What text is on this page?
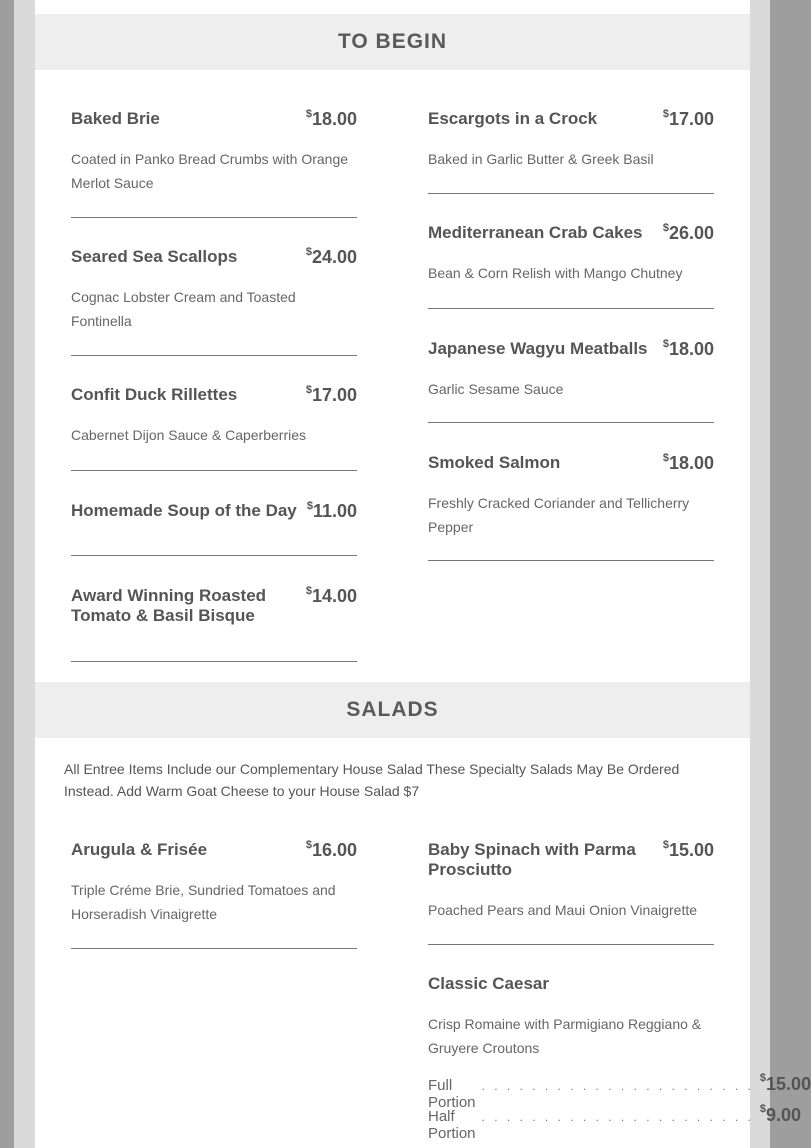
TO BEGIN
Baked Brie	$18.00
Coated in Panko Bread Crumbs with Orange Merlot Sauce
Seared Sea Scallops	$24.00
Cognac Lobster Cream and Toasted Fontinella
Confit Duck Rillettes	$17.00
Cabernet Dijon Sauce & Caperberries
Homemade Soup of the Day $11.00
Award Winning Roasted Tomato & Basil Bisque
$14.00
Escargots in a Crock	$17.00
Baked in Garlic Butter & Greek Basil
Mediterranean Crab Cakes	$26.00
Bean & Corn Relish with Mango Chutney
Japanese Wagyu Meatballs	$18.00
Garlic Sesame Sauce
Smoked Salmon	$18.00
Freshly Cracked Coriander and Tellicherry Pepper
SALADS
All Entree Items Include our Complementary House Salad These Specialty Salads May Be Ordered Instead. Add Warm Goat Cheese to your House Salad $7
Arugula & Frisée	$16.00
Triple Créme Brie, Sundried Tomatoes and Horseradish Vinaigrette
Baby Spinach with Parma Prosciutto
$15.00
Poached Pears and Maui Onion Vinaigrette
Classic Caesar
Crisp Romaine with Parmigiano Reggiano & Gruyere Croutons
Full Portion
. . . . . . . . . . . . . . . . . . . . . .
$15.00
Half Portion
. . . . . . . . . . . . . . . . . . . . . .
$9.00
